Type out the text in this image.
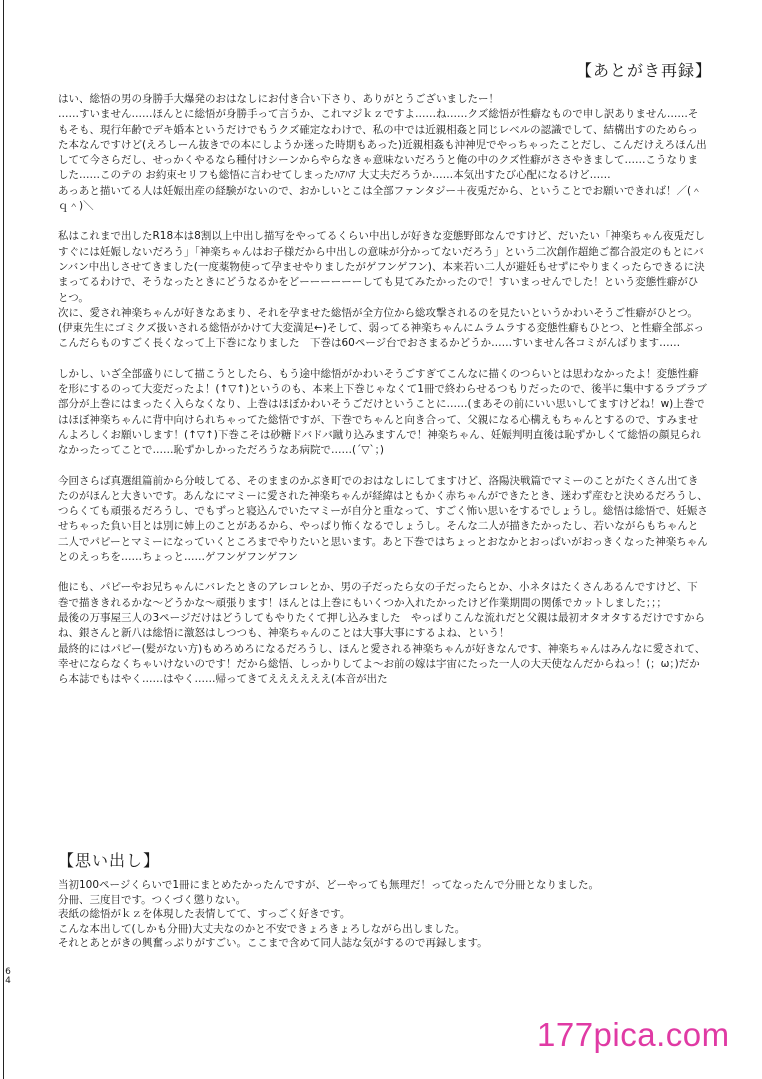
【あとがき再録】

はい、総悟の男の身勝手大爆発のおはなしにお付き合い下さり、ありがとうございましたー！
……すいません……ほんとに総悟が身勝手って言うか、これマジｋｚですよ……ね……クズ総悟が性癖なもので申し訳ありません……そもそも、現行年齢でデキ婚本というだけでもうクズ確定なわけで、私の中では近親相姦と同じレベルの認識でして、結構出すのためらった本なんですけど(えろしーん抜きでの本にしようか迷った時期もあった)近親相姦も沖神児でやっちゃったことだし、こんだけえろほん出してて今さらだし、せっかくやるなら種付けシーンからやらなきゃ意味ないだろうと俺の中のクズ性癖がささやきまして……こうなりました……このテの お約束セリフも総悟に言わせてしまったﾊｱﾊｱ 大丈夫だろうか……本気出すたび心配になるけど……
あっあと描いてる人は妊娠出産の経験がないので、おかしいとこは全部ファンタジー＋夜兎だから、ということでお願いできれば！／(＾ｑ＾)＼

私はこれまで出したR18本は8割以上中出し描写をやってるくらい中出しが好きな変態野郎なんですけど、だいたい「神楽ちゃん夜兎だしすぐには妊娠しないだろう」「神楽ちゃんはお子様だから中出しの意味が分かってないだろう」という二次創作超絶ご都合設定のもとにバンバン中出しさせてきました(一度薬物使って孕ませやりましたがゲフンゲフン)、本来若い二人が避妊もせずにやりまくったらできるに決まってるわけで、そうなったときにどうなるかをどーーーーーーしても見てみたかったので！すいまっせんでした！という変態性癖がひとつ。
次に、愛され神楽ちゃんが好きなあまり、それを孕ませた総悟が全方位から総攻撃されるのを見たいというかわいそうご性癖がひとつ。(伊東先生にゴミクズ扱いされる総悟がかけて大変満足←)そして、弱ってる神楽ちゃんにムラムラする変態性癖もひとつ、と性癖全部ぶっこんだらものすごく長くなって上下巻になりました　下巻は60ページ台でおさまるかどうか……すいません各コミがんばります……

しかし、いざ全部盛りにして描こうとしたら、もう途中総悟がかわいそうごすぎてこんなに描くのつらいとは思わなかったよ！変態性癖を形にするのって大変だったよ！(↑▽↑)というのも、本来上下巻じゃなくて1冊で終わらせるつもりだったので、後半に集中するラブラブ部分が上巻にはまったく入らなくなり、上巻はほぼかわいそうごだけということに……(まあその前にいい思いしてますけどね！w)上巻ではほぼ神楽ちゃんに背中向けられちゃってた総悟ですが、下巻でちゃんと向き合って、父親になる心構えもちゃんとするので、すみませんよろしくお願いします！(↑▽↑)下巻こそは砂糖ドバドバ蹴り込みますんで！神楽ちゃん、妊娠判明直後は恥ずかしくて総悟の顔見られなかったってことで……恥ずかしかっただろうなあ病院で……(´▽`；)

今回さらば真選組篇前から分岐してる、そのままのかぶき町でのおはなしにしてますけど、洛陽決戦篇でマミーのことがたくさん出てきたのがほんと大きいです。あんなにマミーに愛された神楽ちゃんが経緯はともかく赤ちゃんができたとき、迷わず産むと決めるだろうし、つらくても頑張るだろうし、でもずっと寝込んでいたマミーが自分と重なって、すごく怖い思いをするでしょうし。総悟は総悟で、妊娠させちゃった負い目とは別に姉上のことがあるから、やっぱり怖くなるでしょうし。そんな二人が描きたかったし、若いながらもちゃんと二人でパピーとマミーになっていくところまでやりたいと思います。あと下巻ではちょっとおなかとおっぱいがおっきくなった神楽ちゃんとのえっちを……ちょっと……ゲフンゲフンゲフン

他にも、パピーやお兄ちゃんにバレたときのアレコレとか、男の子だったら女の子だったらとか、小ネタはたくさんあるんですけど、下巻で描ききれるかな～どうかな～頑張ります！ほんとは上巻にもいくつか入れたかったけど作業期間の関係でカットしました；；；
最後の万事屋三人の3ページだけはどうしてもやりたくて押し込みました　やっぱりこんな流れだと父親は最初オタオタするだけですからね、銀さんと新八は総悟に激怒はしつつも、神楽ちゃんのことは大事大事にするよね、という！
最終的にはパピー(髪がない方)もめろめろになるだろうし、ほんと愛される神楽ちゃんが好きなんです、神楽ちゃんはみんなに愛されて、幸せにならなくちゃいけないのです！だから総悟、しっかりしてよ～お前の嫁は宇宙にたった一人の大天使なんだからねっ！(；ω；)だから本誌でもはやく……はやく……帰ってきてええええええ(本音が出た

【思い出し】

当初100ページくらいで1冊にまとめたかったんですが、どーやっても無理だ！ってなったんで分冊となりました。
分冊、三度目です。つくづく懲りない。
表紙の総悟がｋｚを体現した表情してて、すっごく好きです。
こんな本出して(しかも分冊)大丈夫なのかと不安できょろきょろしながら出しました。
それとあとがきの興奮っぷりがすごい。ここまで含めて同人誌な気がするので再録します。

6
4
177pica.com
